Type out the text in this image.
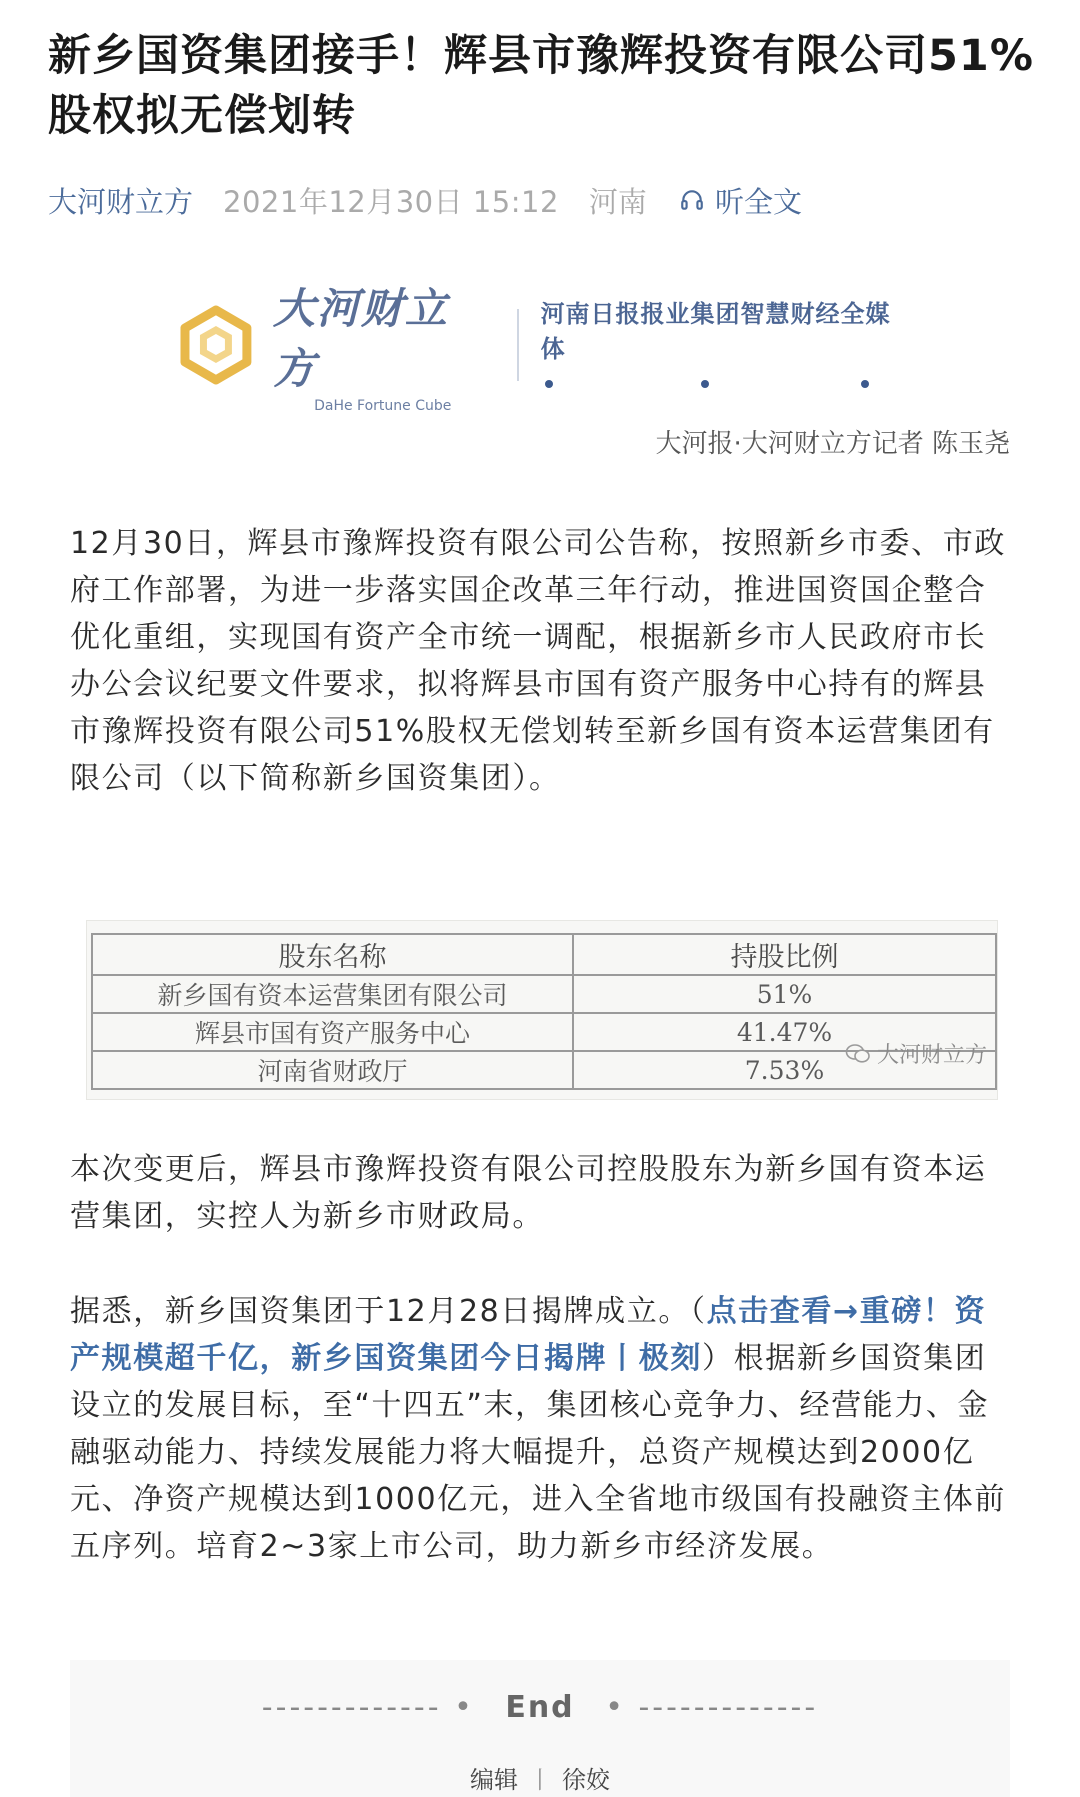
新乡国资集团接手！辉县市豫辉投资有限公司51%股权拟无偿划转
大河财立方 2021年12月30日 15:12 河南 听全文
大河财立方
DaHe Fortune Cube
河南日报报业集团智慧财经全媒体
大河报·大河财立方记者 陈玉尧

12月30日，辉县市豫辉投资有限公司公告称，按照新乡市委、市政府工作部署，为进一步落实国企改革三年行动，推进国资国企整合优化重组，实现国有资产全市统一调配，根据新乡市人民政府市长办公会议纪要文件要求，拟将辉县市国有资产服务中心持有的辉县市豫辉投资有限公司51%股权无偿划转至新乡国有资本运营集团有限公司（以下简称新乡国资集团）。

股东名称	持股比例
新乡国有资本运营集团有限公司	51%
辉县市国有资产服务中心	41.47%
河南省财政厅	7.53% 大河财立方

本次变更后，辉县市豫辉投资有限公司控股股东为新乡国有资本运营集团，实控人为新乡市财政局。

据悉，新乡国资集团于12月28日揭牌成立。（点击查看→重磅！资产规模超千亿，新乡国资集团今日揭牌丨极刻）根据新乡国资集团设立的发展目标，至“十四五”末，集团核心竞争力、经营能力、金融驱动能力、持续发展能力将大幅提升，总资产规模达到2000亿元、净资产规模达到1000亿元，进入全省地市级国有投融资主体前五序列。培育2~3家上市公司，助力新乡市经济发展。

------------- • End • -------------
编辑 丨 徐姣
